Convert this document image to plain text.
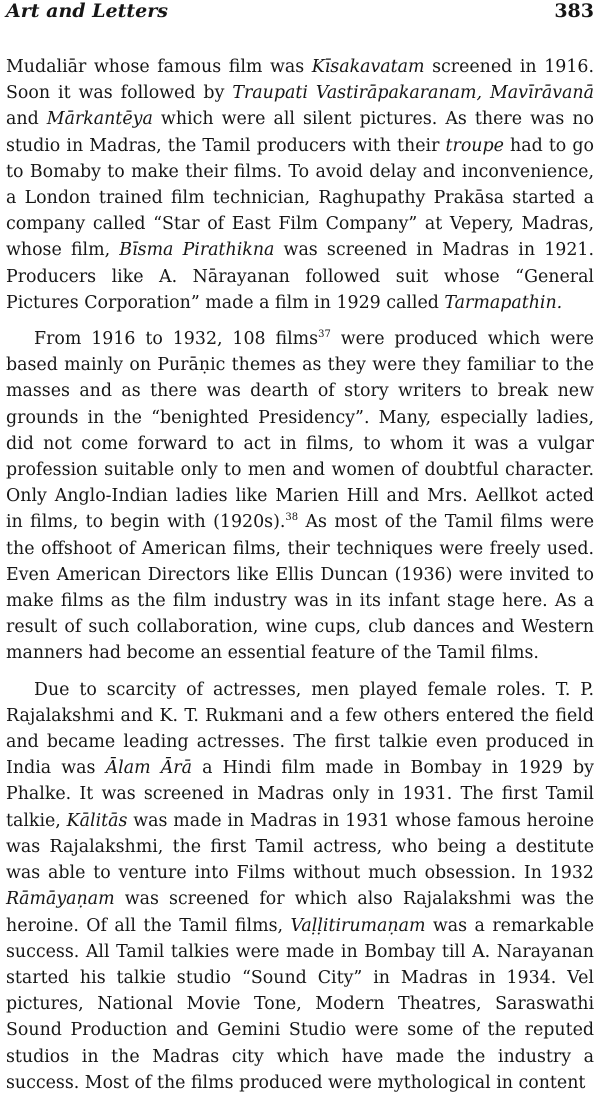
Art and Letters	383

Mudaliār whose famous film was Kīsakavatam screened in 1916. Soon it was followed by Traupati Vastirāpakaranam, Mavīrāvanā and Mārkantēya which were all silent pictures. As there was no studio in Madras, the Tamil producers with their troupe had to go to Bomaby to make their films. To avoid delay and inconvenience, a London trained film technician, Raghupathy Prakāsa started a company called “Star of East Film Company” at Vepery, Madras, whose film, Bīsma Pirathikna was screened in Madras in 1921. Producers like A. Nārayanan followed suit whose “General Pictures Corporation” made a film in 1929 called Tarmapathin.

From 1916 to 1932, 108 films$^{37}$ were produced which were based mainly on Purāṇic themes as they were they familiar to the masses and as there was dearth of story writers to break new grounds in the “benighted Presidency”. Many, especially ladies, did not come forward to act in films, to whom it was a vulgar profession suitable only to men and women of doubtful character. Only Anglo-Indian ladies like Marien Hill and Mrs. Aellkot acted in films, to begin with (1920s).$^{38}$ As most of the Tamil films were the offshoot of American films, their techniques were freely used. Even American Directors like Ellis Duncan (1936) were invited to make films as the film industry was in its infant stage here. As a result of such collaboration, wine cups, club dances and Western manners had become an essential feature of the Tamil films.

Due to scarcity of actresses, men played female roles. T. P. Rajalakshmi and K. T. Rukmani and a few others entered the field and became leading actresses. The first talkie even produced in India was Ālam Ārā a Hindi film made in Bombay in 1929 by Phalke. It was screened in Madras only in 1931. The first Tamil talkie, Kālitās was made in Madras in 1931 whose famous heroine was Rajalakshmi, the first Tamil actress, who being a destitute was able to venture into Films without much obsession. In 1932 Rāmāyaṇam was screened for which also Rajalakshmi was the heroine. Of all the Tamil films, Vaḷḷitirumaṇam was a remarkable success. All Tamil talkies were made in Bombay till A. Narayanan started his talkie studio “Sound City” in Madras in 1934. Vel pictures, National Movie Tone, Modern Theatres, Saraswathi Sound Production and Gemini Studio were some of the reputed studios in the Madras city which have made the industry a success. Most of the films produced were mythological in content
